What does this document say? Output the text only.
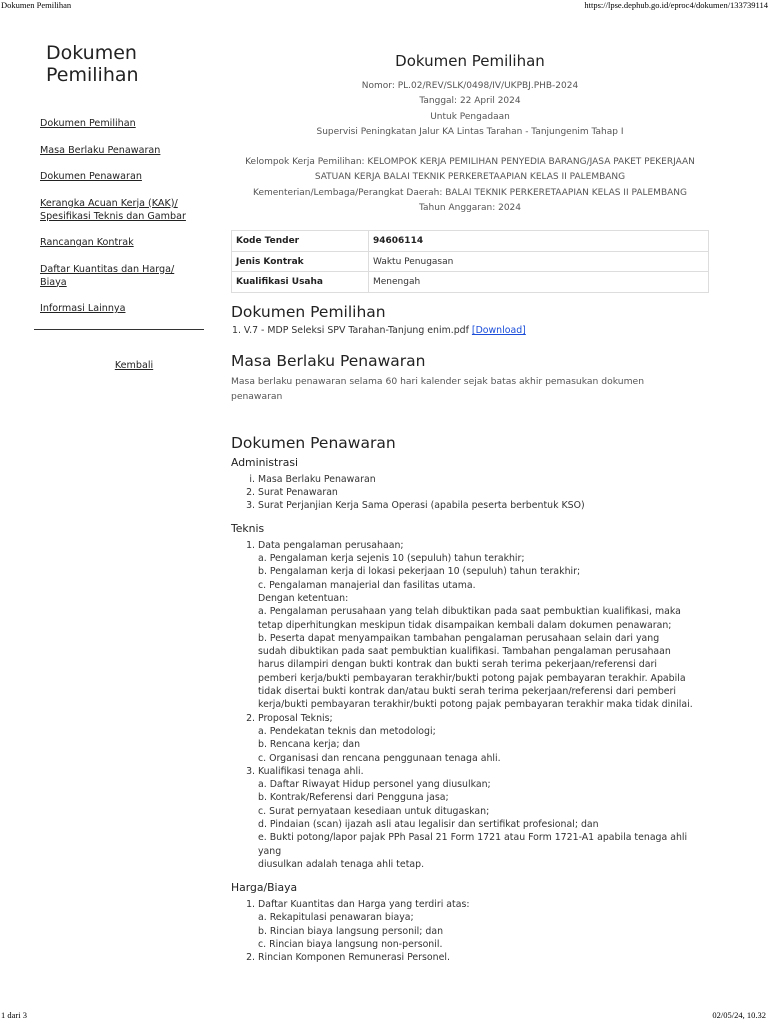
Dokumen Pemilihan	https://lpse.dephub.go.id/eproc4/dokumen/133739114
Dokumen
Pemilihan
Dokumen Pemilihan
Masa Berlaku Penawaran
Dokumen Penawaran
Kerangka Acuan Kerja (KAK)/
Spesifikasi Teknis dan Gambar
Rancangan Kontrak
Daftar Kuantitas dan Harga/
Biaya
Informasi Lainnya
Kembali
Dokumen Pemilihan

Nomor: PL.02/REV/SLK/0498/IV/UKPBJ.PHB-2024

Tanggal: 22 April 2024

Untuk Pengadaan

Supervisi Peningkatan Jalur KA Lintas Tarahan - Tanjungenim Tahap I

Kelompok Kerja Pemilihan: KELOMPOK KERJA PEMILIHAN PENYEDIA BARANG/JASA PAKET PEKERJAAN

SATUAN KERJA BALAI TEKNIK PERKERETAAPIAN KELAS II PALEMBANG

Kementerian/Lembaga/Perangkat Daerah: BALAI TEKNIK PERKERETAAPIAN KELAS II PALEMBANG

Tahun Anggaran: 2024

Kode Tender	94606114
Jenis Kontrak	Waktu Penugasan
Kualifikasi Usaha	Menengah
Dokumen Pemilihan
1. V.7 - MDP Seleksi SPV Tarahan-Tanjung enim.pdf [Download]
Masa Berlaku Penawaran

Masa berlaku penawaran selama 60 hari kalender sejak batas akhir pemasukan dokumen
penawaran

Dokumen Penawaran
Administrasi
i. Masa Berlaku Penawaran
2. Surat Penawaran
3. Surat Perjanjian Kerja Sama Operasi (apabila peserta berbentuk KSO)
Teknis
1. Data pengalaman perusahaan;
a. Pengalaman kerja sejenis 10 (sepuluh) tahun terakhir;
b. Pengalaman kerja di lokasi pekerjaan 10 (sepuluh) tahun terakhir;
c. Pengalaman manajerial dan fasilitas utama.
Dengan ketentuan:
a. Pengalaman perusahaan yang telah dibuktikan pada saat pembuktian kualifikasi, maka
tetap diperhitungkan meskipun tidak disampaikan kembali dalam dokumen penawaran;
b. Peserta dapat menyampaikan tambahan pengalaman perusahaan selain dari yang
sudah dibuktikan pada saat pembuktian kualifikasi. Tambahan pengalaman perusahaan
harus dilampiri dengan bukti kontrak dan bukti serah terima pekerjaan/referensi dari
pemberi kerja/bukti pembayaran terakhir/bukti potong pajak pembayaran terakhir. Apabila
tidak disertai bukti kontrak dan/atau bukti serah terima pekerjaan/referensi dari pemberi
kerja/bukti pembayaran terakhir/bukti potong pajak pembayaran terakhir maka tidak dinilai.
2. Proposal Teknis;
a. Pendekatan teknis dan metodologi;
b. Rencana kerja; dan
c. Organisasi dan rencana penggunaan tenaga ahli.
3. Kualifikasi tenaga ahli.
a. Daftar Riwayat Hidup personel yang diusulkan;
b. Kontrak/Referensi dari Pengguna jasa;
c. Surat pernyataan kesediaan untuk ditugaskan;
d. Pindaian (scan) ijazah asli atau legalisir dan sertifikat profesional; dan
e. Bukti potong/lapor pajak PPh Pasal 21 Form 1721 atau Form 1721-A1 apabila tenaga ahli yang
diusulkan adalah tenaga ahli tetap.
Harga/Biaya
1. Daftar Kuantitas dan Harga yang terdiri atas:
a. Rekapitulasi penawaran biaya;
b. Rincian biaya langsung personil; dan
c. Rincian biaya langsung non-personil.
2. Rincian Komponen Remunerasi Personel.
1 dari 3	02/05/24, 10.32
